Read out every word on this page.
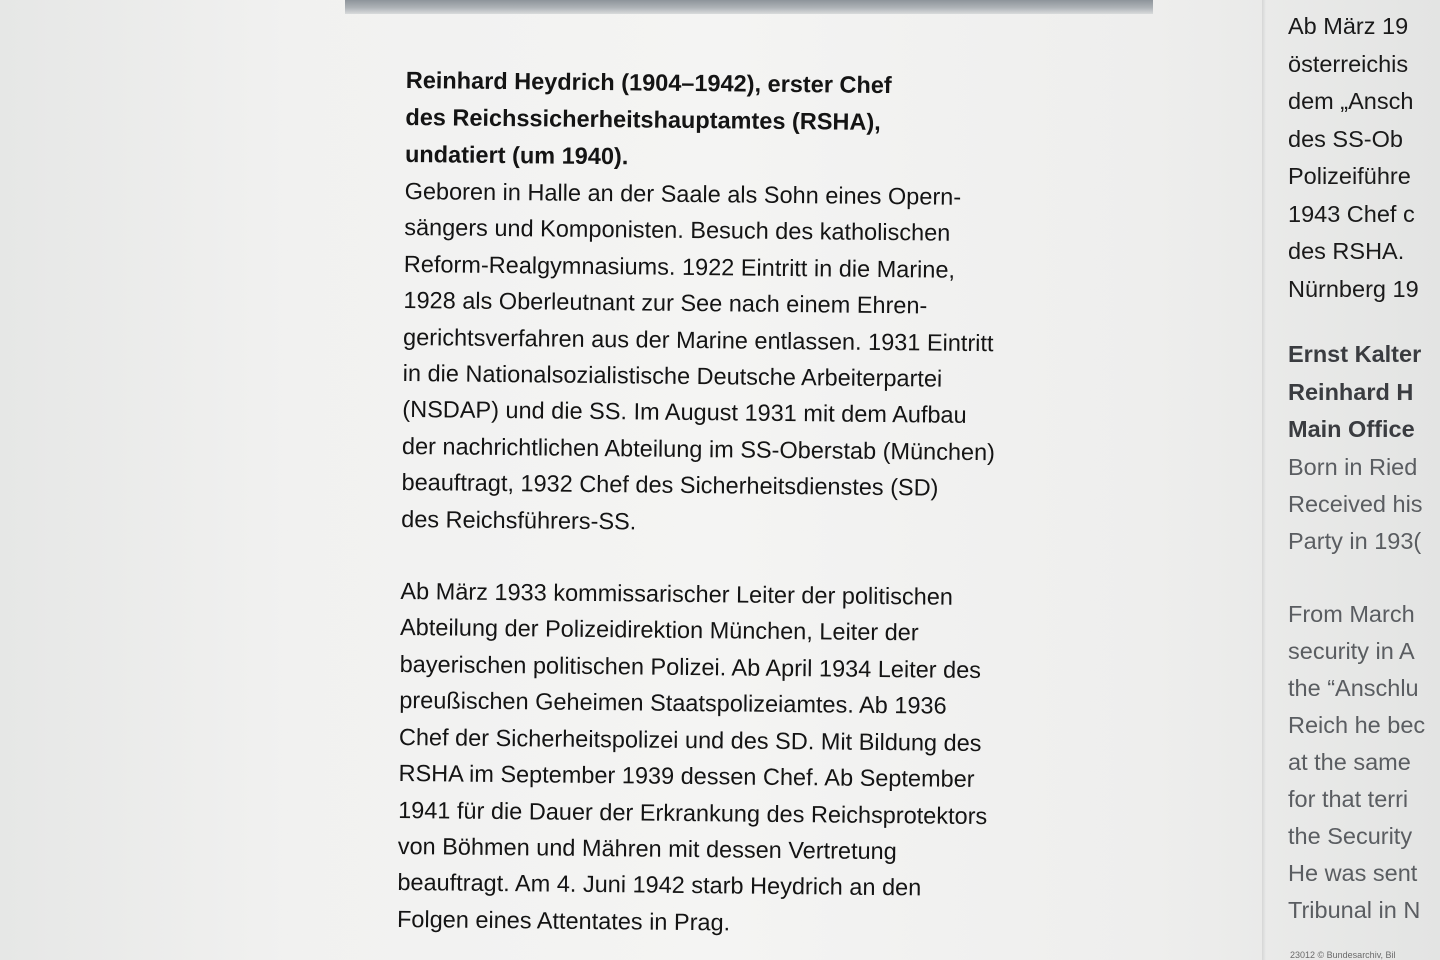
Reinhard Heydrich (1904–1942), erster Chef
des Reichssicherheitshauptamtes (RSHA),
undatiert (um 1940).

Geboren in Halle an der Saale als Sohn eines Opern-
sängers und Komponisten. Besuch des katholischen
Reform-Realgymnasiums. 1922 Eintritt in die Marine,
1928 als Oberleutnant zur See nach einem Ehren-
gerichtsverfahren aus der Marine entlassen. 1931 Eintritt
in die Nationalsozialistische Deutsche Arbeiterpartei
(NSDAP) und die SS. Im August 1931 mit dem Aufbau
der nachrichtlichen Abteilung im SS-Oberstab (München)
beauftragt, 1932 Chef des Sicherheitsdienstes (SD)
des Reichsführers-SS.

Ab März 1933 kommissarischer Leiter der politischen
Abteilung der Polizeidirektion München, Leiter der
bayerischen politischen Polizei. Ab April 1934 Leiter des
preußischen Geheimen Staatspolizeiamtes. Ab 1936
Chef der Sicherheitspolizei und des SD. Mit Bildung des
RSHA im September 1939 dessen Chef. Ab September
1941 für die Dauer der Erkrankung des Reichsprotektors
von Böhmen und Mähren mit dessen Vertretung
beauftragt. Am 4. Juni 1942 starb Heydrich an den
Folgen eines Attentates in Prag.

Ab März 19
österreichis
dem „Ansch
des SS-Ob
Polizeiführe
1943 Chef c
des RSHA.
Nürnberg 19

Ernst Kalter
Reinhard H
Main Office

Born in Ried
Received his
Party in 193(

From March
security in A
the “Anschlu
Reich he bec
at the same
for that terri
the Security
He was sent
Tribunal in N

23012 © Bundesarchiv, Bil
